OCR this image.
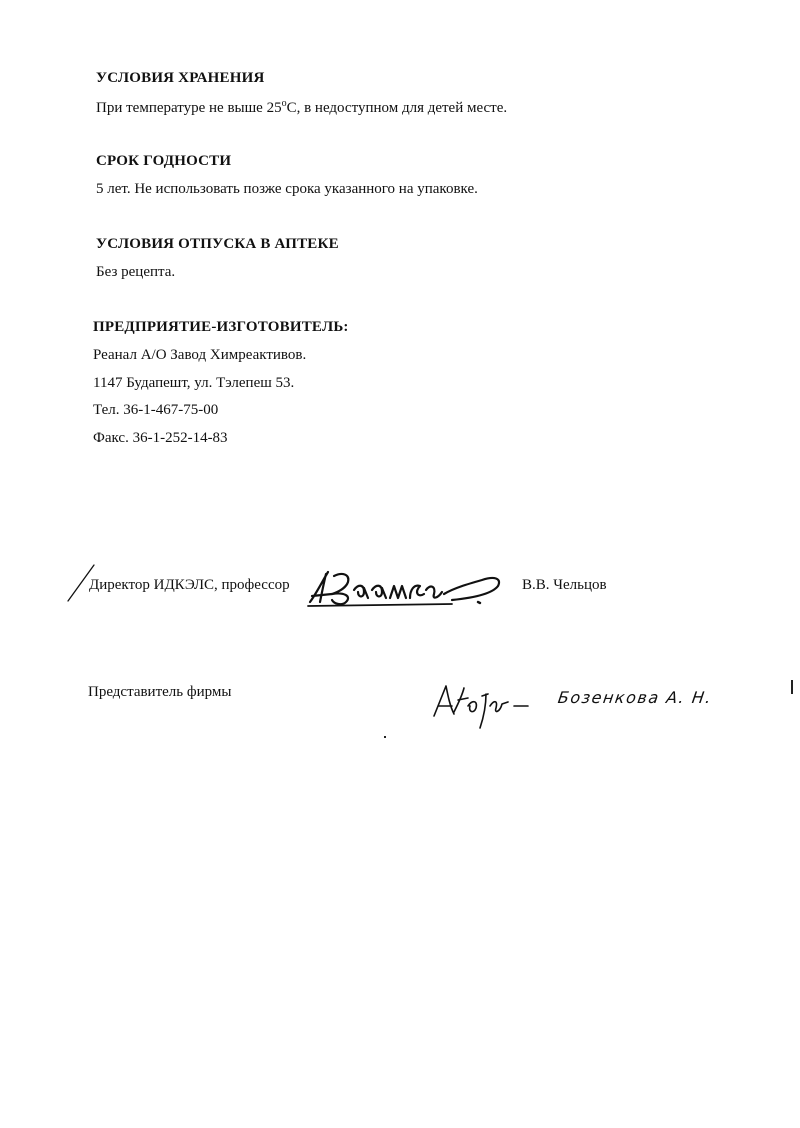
УСЛОВИЯ ХРАНЕНИЯ
При температуре не выше 25$^o$С, в недоступном для детей месте.
СРОК ГОДНОСТИ
5 лет. Не использовать позже срока указанного на упаковке.
УСЛОВИЯ ОТПУСКА В АПТЕКЕ
Без рецепта.
ПРЕДПРИЯТИЕ-ИЗГОТОВИТЕЛЬ:
Реанал А/О Завод Химреактивов.
1147 Будапешт, ул. Тэлепеш 53.
Тел. 36-1-467-75-00
Факс. 36-1-252-14-83
Директор ИДКЭЛС, профессор	В.В. Чельцов
Представитель фирмы	Бозенкова А. Н.
